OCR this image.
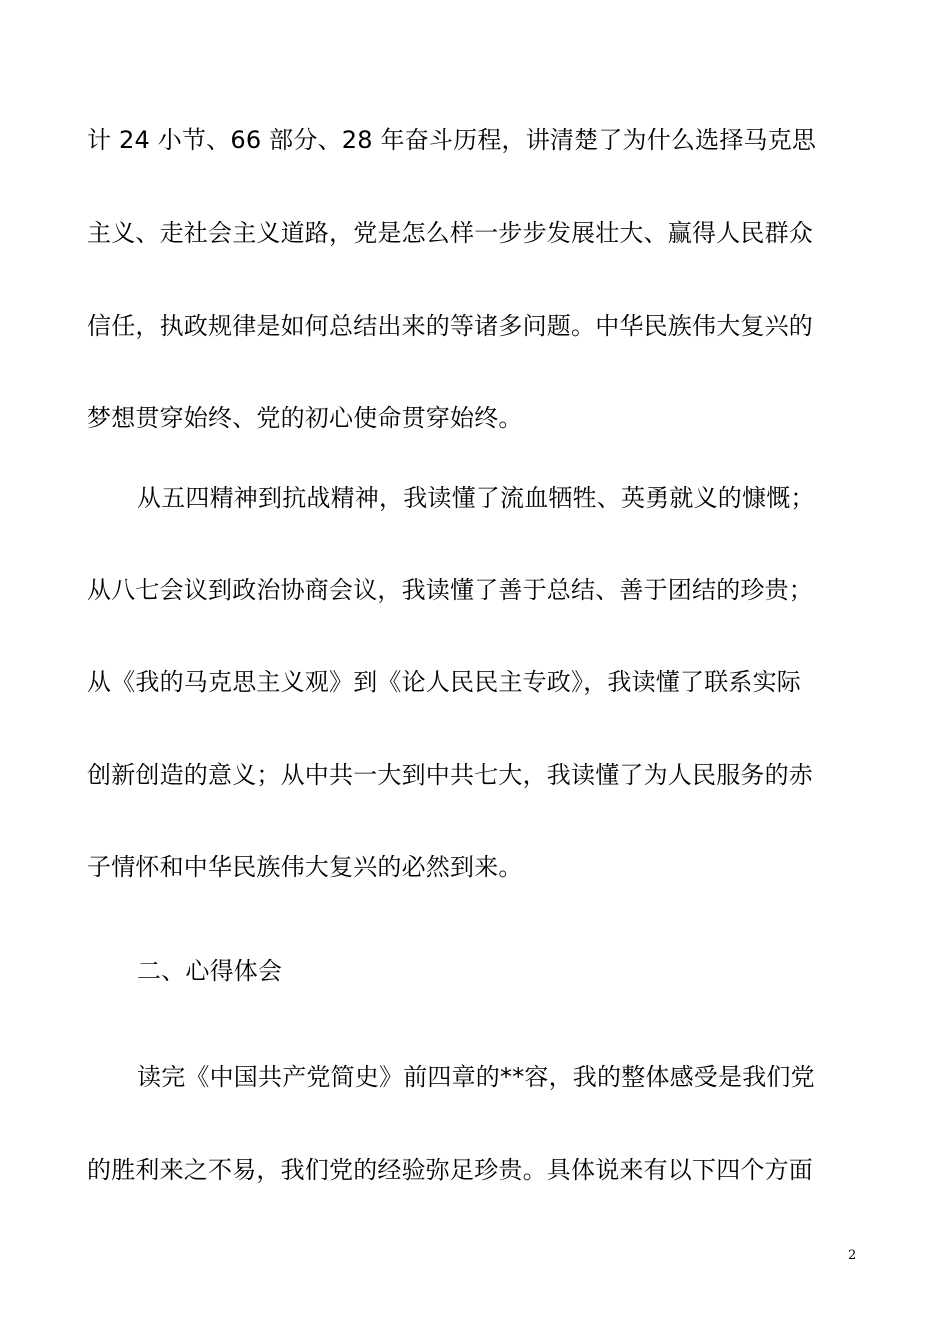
计 24 小节、66 部分、28 年奋斗历程，讲清楚了为什么选择马克思
主义、走社会主义道路，党是怎么样一步步发展壮大、赢得人民群众
信任，执政规律是如何总结出来的等诸多问题。中华民族伟大复兴的
梦想贯穿始终、党的初心使命贯穿始终。
从五四精神到抗战精神，我读懂了流血牺牲、英勇就义的慷慨；
从八七会议到政治协商会议，我读懂了善于总结、善于团结的珍贵；
从《我的马克思主义观》到《论人民民主专政》，我读懂了联系实际
创新创造的意义；从中共一大到中共七大，我读懂了为人民服务的赤
子情怀和中华民族伟大复兴的必然到来。
二、心得体会
读完《中国共产党简史》前四章的**容，我的整体感受是我们党
的胜利来之不易，我们党的经验弥足珍贵。具体说来有以下四个方面
2
